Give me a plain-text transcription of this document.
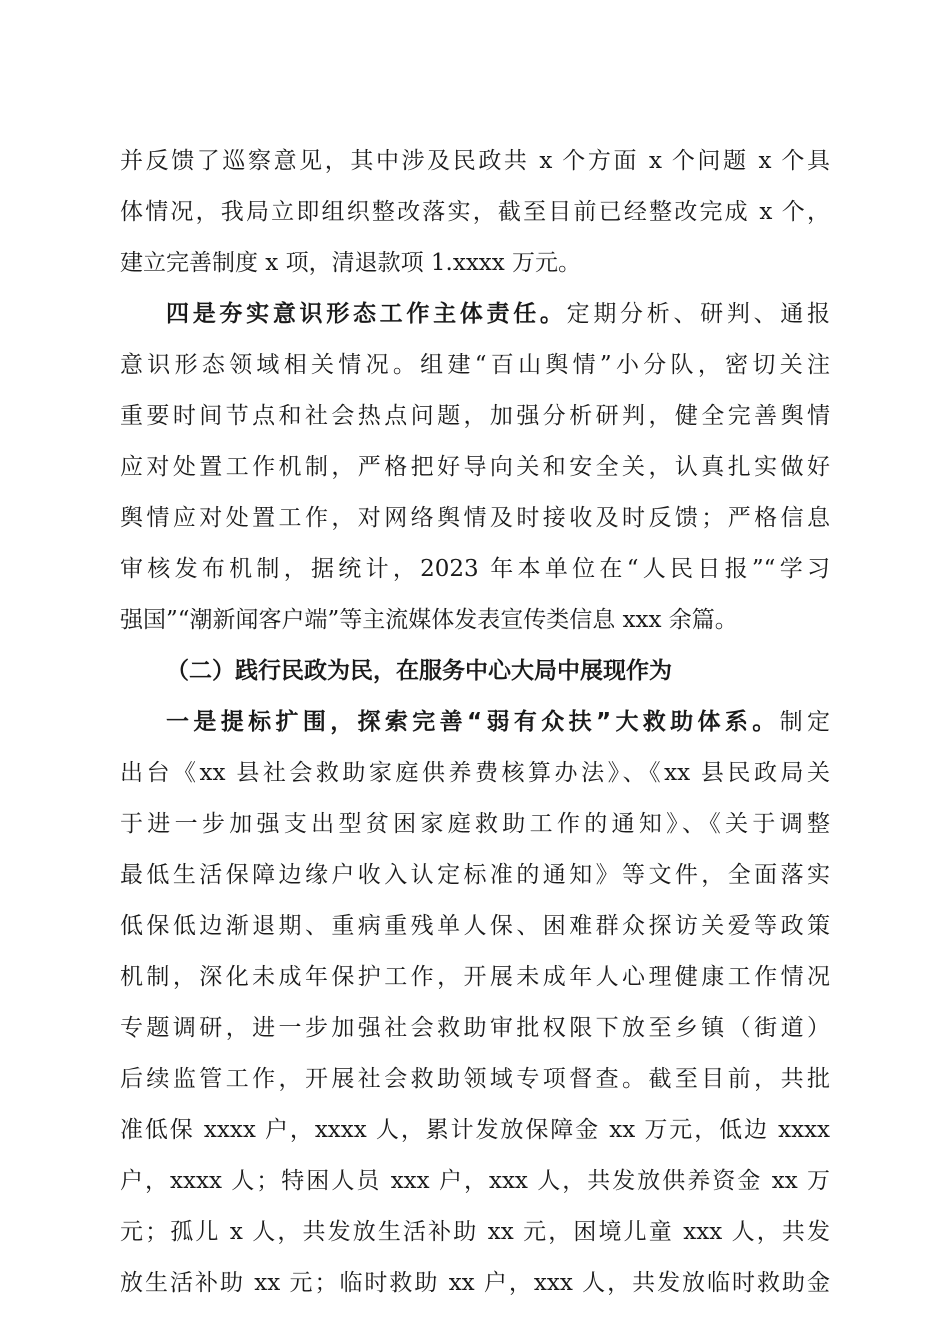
并反馈了巡察意见，其中涉及民政共 x 个方面 x 个问题 x 个具
体情况，我局立即组织整改落实，截至目前已经整改完成 x 个，
建立完善制度 x 项，清退款项 1.xxxx 万元。
四是夯实意识形态工作主体责任。定期分析、研判、通报
意识形态领域相关情况。组建“百山舆情”小分队，密切关注
重要时间节点和社会热点问题，加强分析研判，健全完善舆情
应对处置工作机制，严格把好导向关和安全关，认真扎实做好
舆情应对处置工作，对网络舆情及时接收及时反馈；严格信息
审核发布机制，据统计，2023 年本单位在“人民日报”“学习
强国”“潮新闻客户端”等主流媒体发表宣传类信息 xxx 余篇。
（二）践行民政为民，在服务中心大局中展现作为
一是提标扩围，探索完善“弱有众扶”大救助体系。制定
出台《xx 县社会救助家庭供养费核算办法》、《xx 县民政局关
于进一步加强支出型贫困家庭救助工作的通知》、《关于调整
最低生活保障边缘户收入认定标准的通知》等文件，全面落实
低保低边渐退期、重病重残单人保、困难群众探访关爱等政策
机制，深化未成年保护工作，开展未成年人心理健康工作情况
专题调研，进一步加强社会救助审批权限下放至乡镇（街道）
后续监管工作，开展社会救助领域专项督查。截至目前，共批
准低保 xxxx 户，xxxx 人，累计发放保障金 xx 万元，低边 xxxx
户，xxxx 人；特困人员 xxx 户，xxx 人，共发放供养资金 xx 万
元；孤儿 x 人，共发放生活补助 xx 元，困境儿童 xxx 人，共发
放生活补助 xx 元；临时救助 xx 户，xxx 人，共发放临时救助金
